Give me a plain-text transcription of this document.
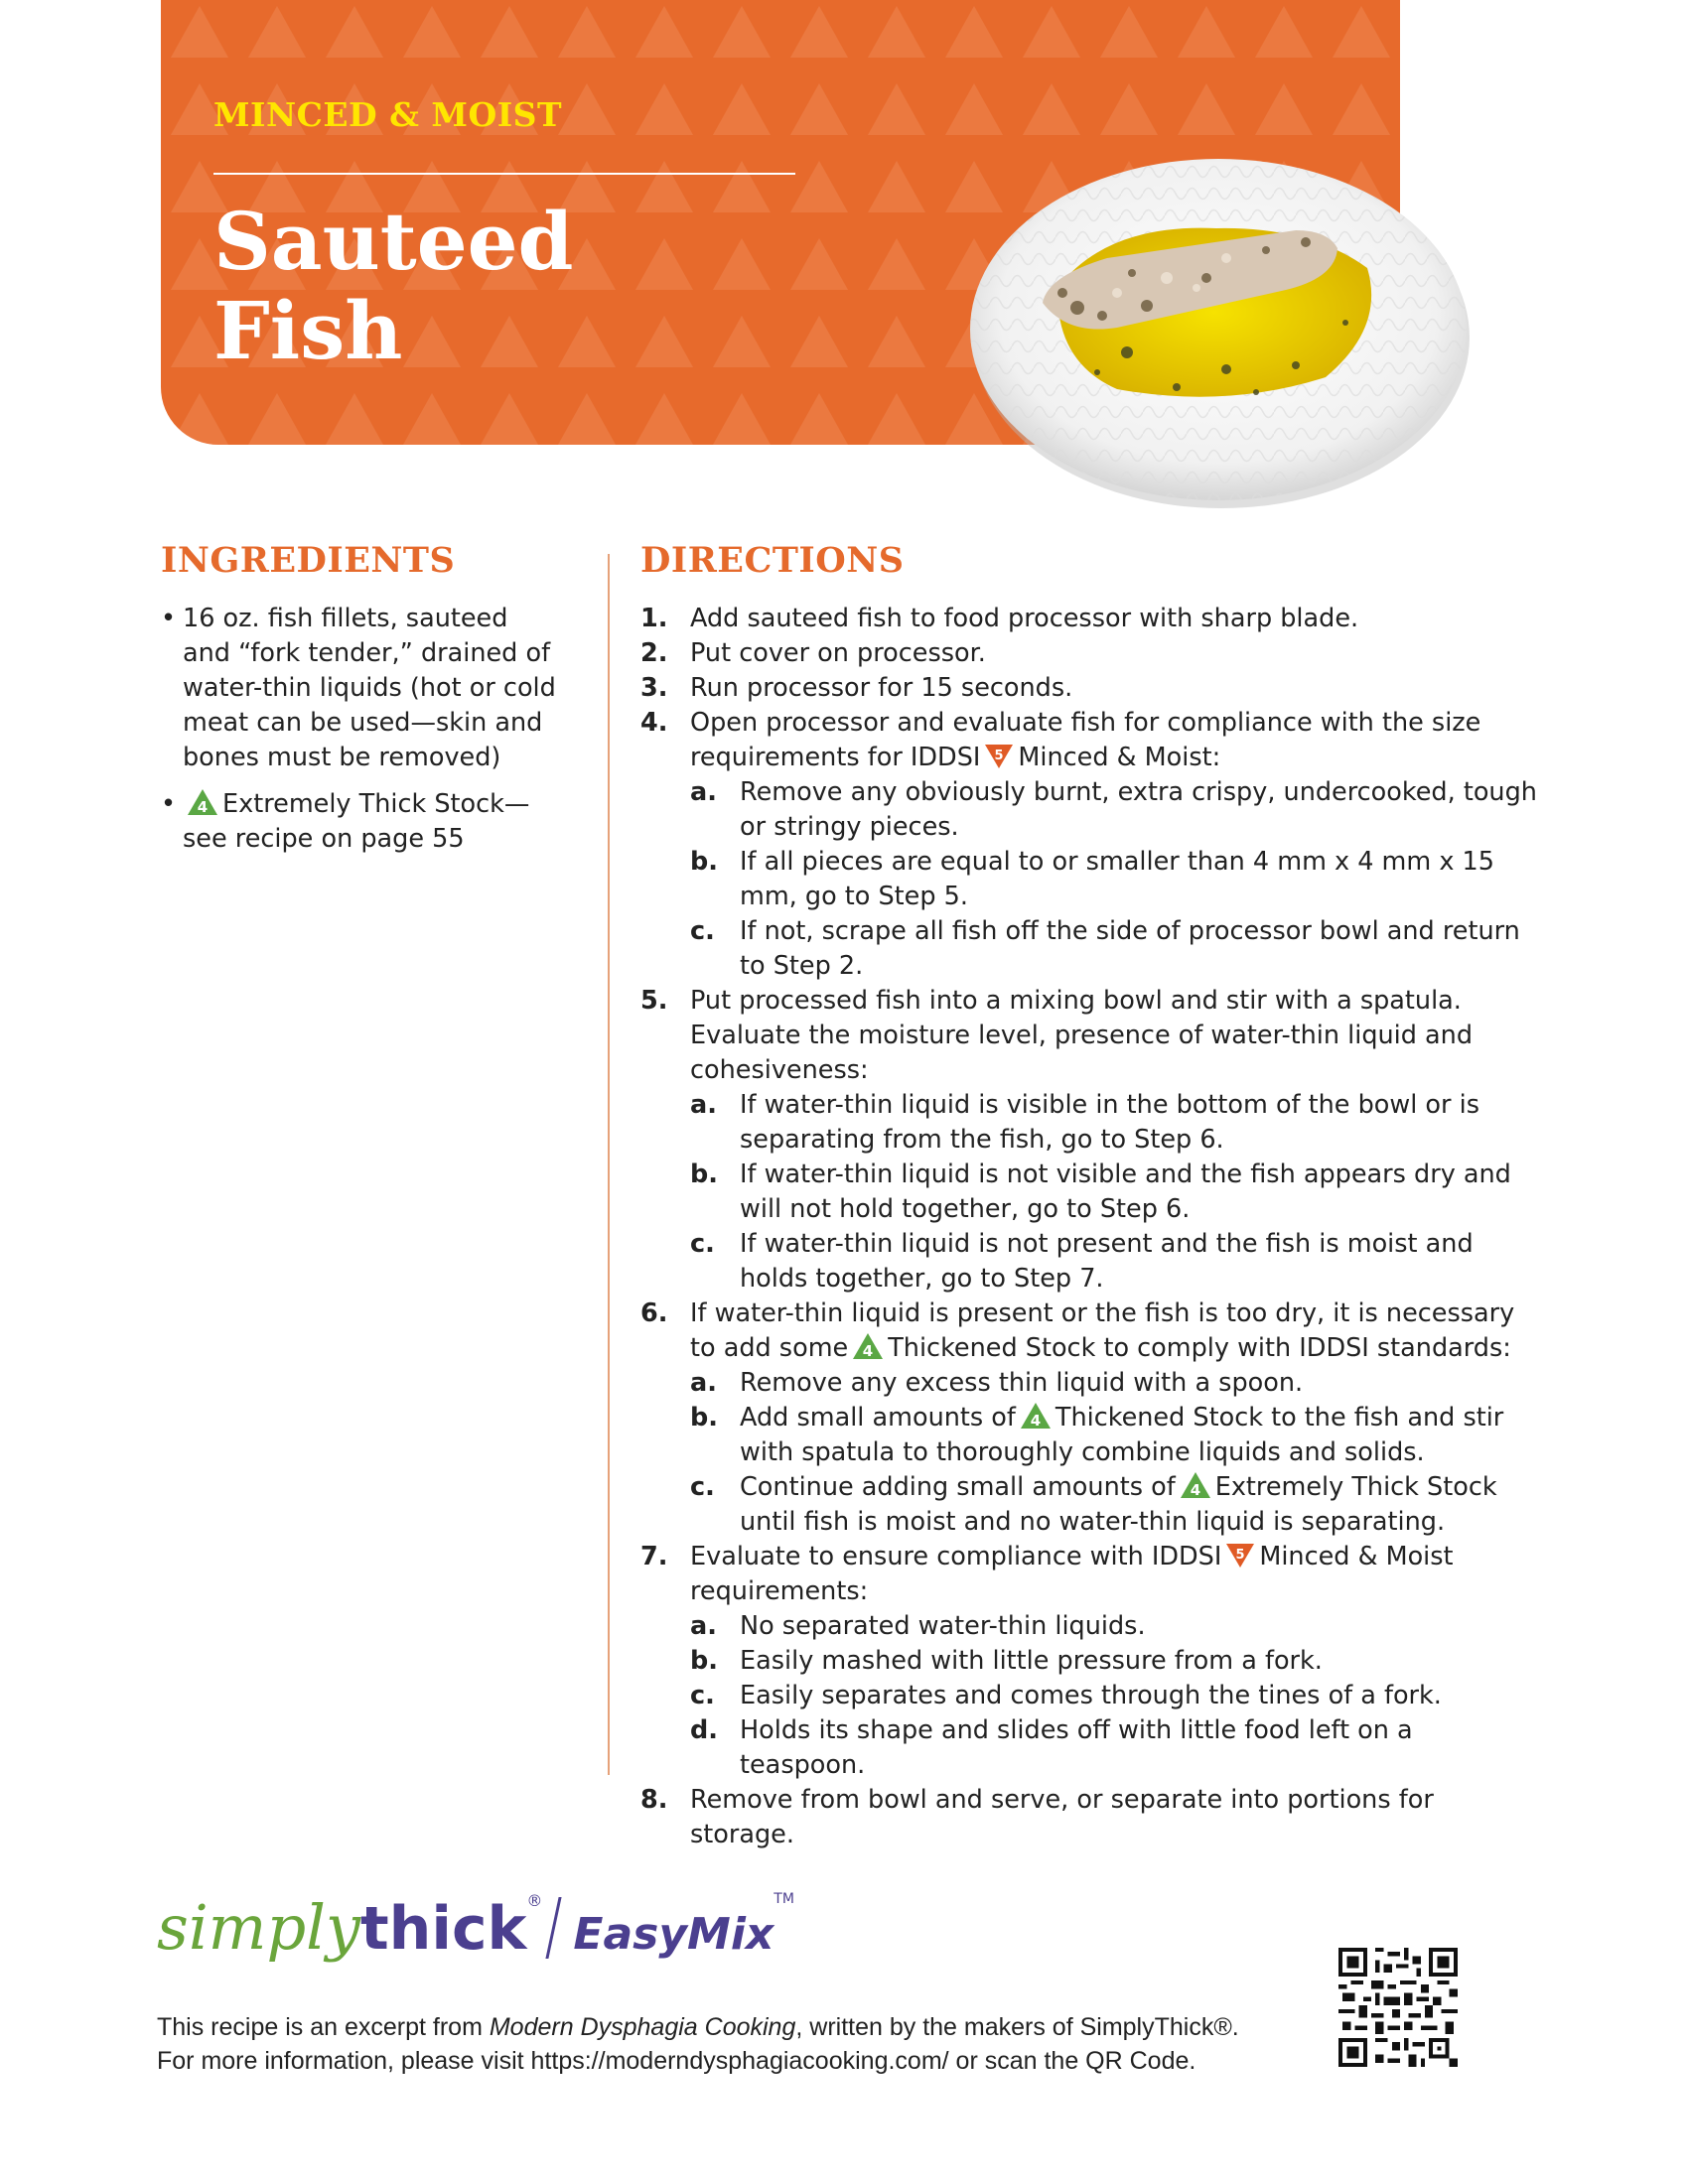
MINCED & MOIST
Sauteed
Fish
INGREDIENTS
• 16 oz. fish fillets, sauteed and “fork tender,” drained of water-thin liquids (hot or cold meat can be used—skin and bones must be removed)
• 4 Extremely Thick Stock— see recipe on page 55
DIRECTIONS
1. Add sauteed fish to food processor with sharp blade.
2. Put cover on processor.
3. Run processor for 15 seconds.
4. Open processor and evaluate fish for compliance with the size requirements for IDDSI 5 Minced & Moist:
a. Remove any obviously burnt, extra crispy, undercooked, tough or stringy pieces.
b. If all pieces are equal to or smaller than 4 mm x 4 mm x 15 mm, go to Step 5.
c. If not, scrape all fish off the side of processor bowl and return to Step 2.
5. Put processed fish into a mixing bowl and stir with a spatula. Evaluate the moisture level, presence of water-thin liquid and cohesiveness:
a. If water-thin liquid is visible in the bottom of the bowl or is separating from the fish, go to Step 6.
b. If water-thin liquid is not visible and the fish appears dry and will not hold together, go to Step 6.
c. If water-thin liquid is not present and the fish is moist and holds together, go to Step 7.
6. If water-thin liquid is present or the fish is too dry, it is necessary to add some 4 Thickened Stock to comply with IDDSI standards:
a. Remove any excess thin liquid with a spoon.
b. Add small amounts of 4 Thickened Stock to the fish and stir with spatula to thoroughly combine liquids and solids.
c. Continue adding small amounts of 4 Extremely Thick Stock until fish is moist and no water-thin liquid is separating.
7. Evaluate to ensure compliance with IDDSI 5 Minced & Moist requirements:
a. No separated water-thin liquids.
b. Easily mashed with little pressure from a fork.
c. Easily separates and comes through the tines of a fork.
d. Holds its shape and slides off with little food left on a teaspoon.
8. Remove from bowl and serve, or separate into portions for storage.
simplythick®EasyMixTM
This recipe is an excerpt from Modern Dysphagia Cooking, written by the makers of SimplyThick®.
For more information, please visit https://moderndysphagiacooking.com/ or scan the QR Code.
